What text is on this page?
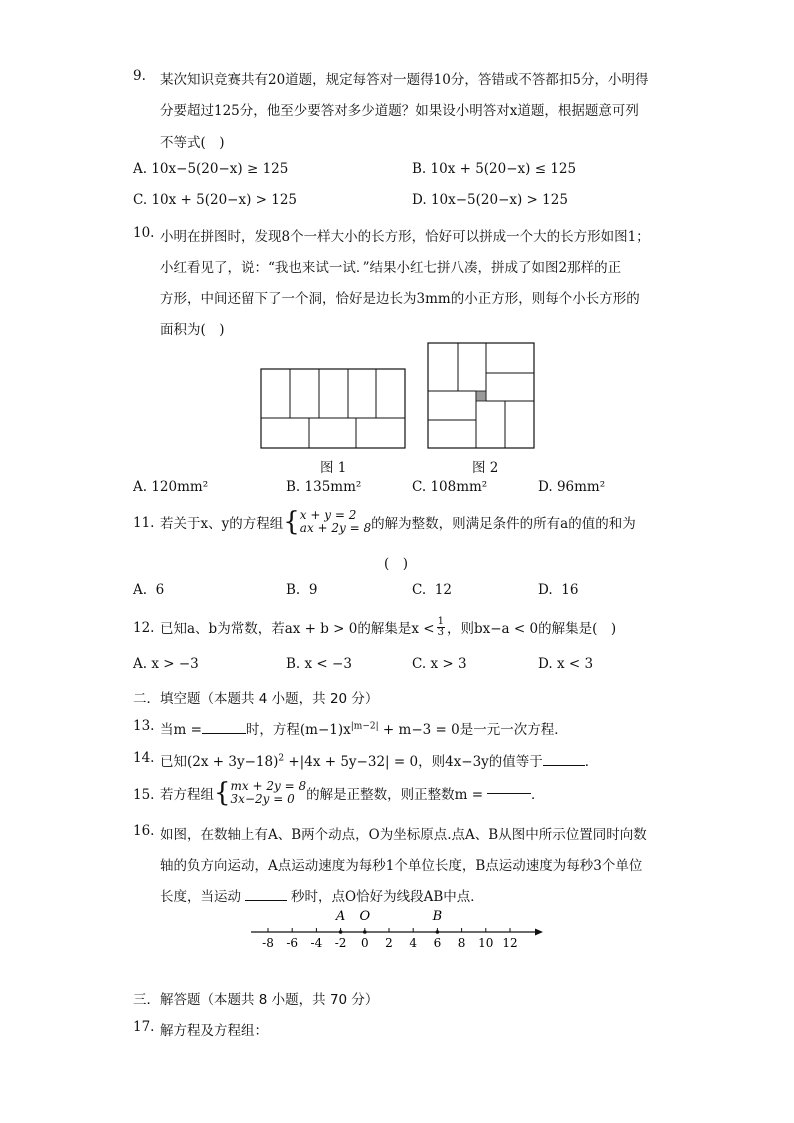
9. 某次知识竞赛共有20道题，规定每答对一题得10分，答错或不答都扣5分，小明得
分要超过125分，他至少要答对多少道题？如果设小明答对x道题，根据题意可列
不等式(　)
A. 10x−5(20−x) ≥ 125	B. 10x + 5(20−x) ≤ 125
C. 10x + 5(20−x) > 125	D. 10x−5(20−x) > 125
10. 小明在拼图时，发现8个一样大小的长方形，恰好可以拼成一个大的长方形如图1；
小红看见了，说：“我也来试一试．”结果小红七拼八凑，拼成了如图2那样的正
方形，中间还留下了一个洞，恰好是边长为3mm的小正方形，则每个小长方形的
面积为(　)
图 1	图 2
A. 120mm²	B. 135mm²	C. 108mm²	D. 96mm²
11. 若关于x、y的方程组 { x + y = 2
ax + 2y = 8 的解为整数，则满足条件的所有a的值的和为
(　)
A. 6	B. 9	C. 12	D. 16
12. 已知a、b为常数，若ax + b > 0的解集是$x < \frac{1}{3}$ ，则bx−a < 0的解集是(　)
A. x > −3	B. x < −3	C. x > 3	D. x < 3
二．填空题（本题共 4 小题，共 20 分）
13. 当m =	时，方程$(m-1)x^{|m-2|} + m-3 = 0$是一元一次方程．
14. 已知$(2x + 3y-18)^2 +|4x + 5y-32| = 0$，则4x−3y的值等于	．
15. 若方程组 { mx + 2y = 8
3x−2y = 0 的解是正整数，则正整数m =	．
16. 如图，在数轴上有A、B两个动点，O为坐标原点.点A、B从图中所示位置同时向数
轴的负方向运动，A点运动速度为每秒1个单位长度，B点运动速度为每秒3个单位
长度，当运动	秒时，点O恰好为线段AB中点．
-8 -6 -4 -2 0 2 4 6 8 10 12
A O	B
三．解答题（本题共 8 小题，共 70 分）
17. 解方程及方程组：
